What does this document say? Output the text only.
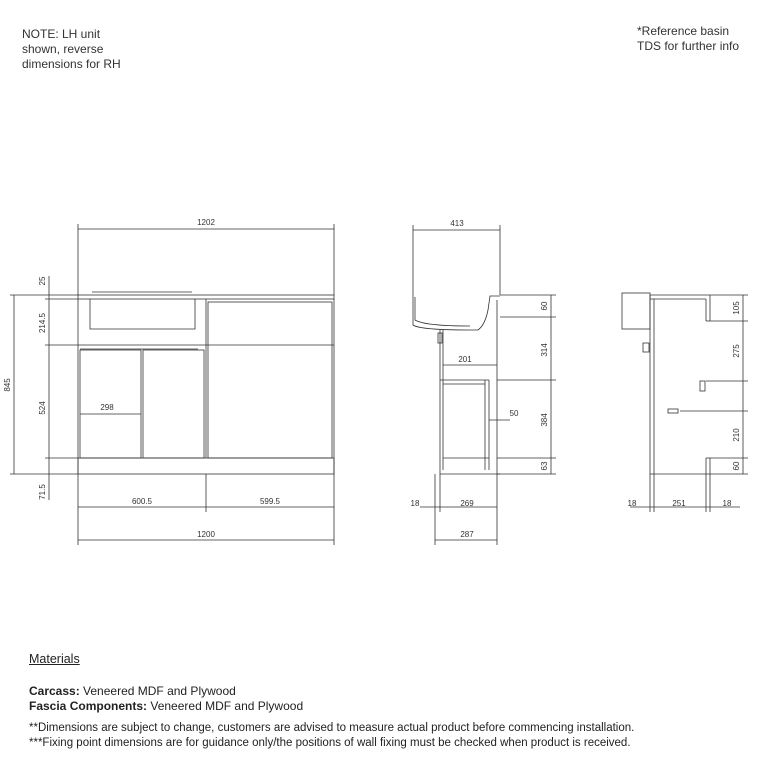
NOTE: LH unit
shown, reverse
dimensions for RH
*Reference basin
TDS for further info
1202
1200
600.5	599.5
298
845
25
214.5
524
71.5
413
201
50
18	269
287
60
314
384
63
105
275
210
60
18	251	18
Materials
Carcass: Veneered MDF and Plywood
Fascia Components: Veneered MDF and Plywood
**Dimensions are subject to change, customers are advised to measure actual product before commencing installation.
***Fixing point dimensions are for guidance only/the positions of wall fixing must be checked when product is received.
